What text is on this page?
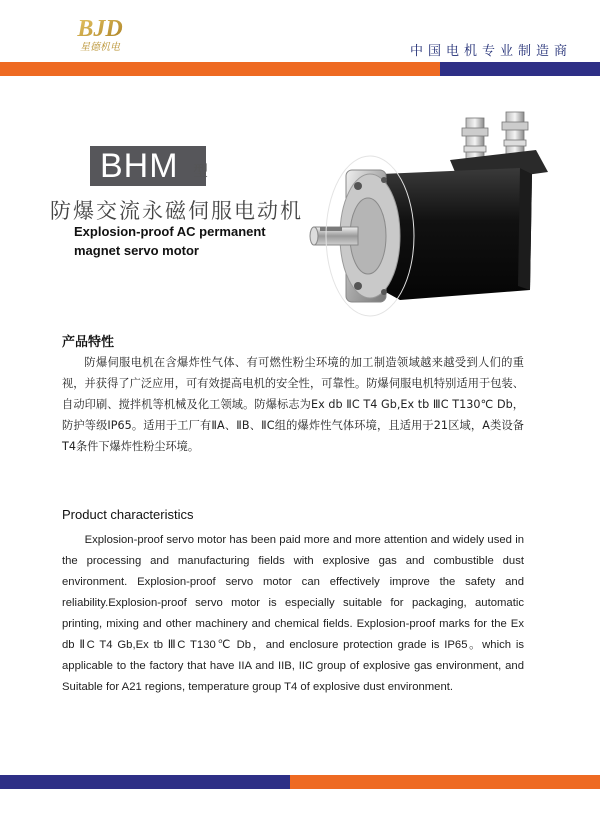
BJD
星德机电	中国电机专业制造商
BHM 型
防爆交流永磁伺服电动机
Explosion-proof AC permanent magnet servo motor
产品特性
防爆伺服电机在含爆炸性气体、有可燃性粉尘环境的加工制造领域越来越受到人们的重视，并获得了广泛应用，可有效提高电机的安全性，可靠性。防爆伺服电机特别适用于包装、自动印刷、搅拌机等机械及化工领域。防爆标志为Ex db ⅡC T4 Gb,Ex tb ⅢC T130℃ Db，防护等级IP65。适用于工厂有ⅡA、ⅡB、ⅡC组的爆炸性气体环境，且适用于21区域，A类设备T4条件下爆炸性粉尘环境。
Product characteristics
Explosion-proof servo motor has been paid more and more attention and widely used in the processing and manufacturing fields with explosive gas and combustible dust environment. Explosion-proof servo motor can effectively improve the safety and reliability.Explosion-proof servo motor is especially suitable for packaging, automatic printing, mixing and other machinery and chemical fields. Explosion-proof marks for the Ex db ⅡC T4 Gb,Ex tb ⅢC T130℃ Db，and enclosure protection grade is IP65。which is applicable to the factory that have IIA and IIB, IIC group of explosive gas environment, and Suitable for A21 regions, temperature group T4 of explosive dust environment.
